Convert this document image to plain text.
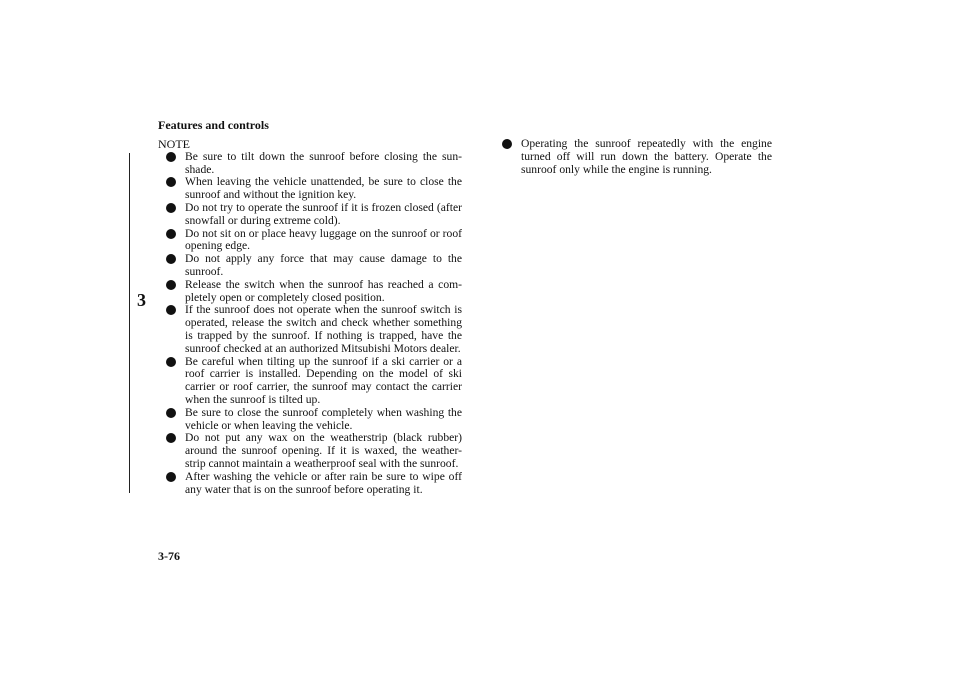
Features and controls
3
NOTE
Be sure to tilt down the sunroof before closing the sun-shade.
When leaving the vehicle unattended, be sure to close the sunroof and without the ignition key.
Do not try to operate the sunroof if it is frozen closed (after snowfall or during extreme cold).
Do not sit on or place heavy luggage on the sunroof or roof opening edge.
Do not apply any force that may cause damage to the sunroof.
Release the switch when the sunroof has reached a com-pletely open or completely closed position.
If the sunroof does not operate when the sunroof switch is operated, release the switch and check whether something is trapped by the sunroof. If nothing is trapped, have the sunroof checked at an authorized Mitsubishi Motors dealer.
Be careful when tilting up the sunroof if a ski carrier or a roof carrier is installed. Depending on the model of ski carrier or roof carrier, the sunroof may contact the carrier when the sunroof is tilted up.
Be sure to close the sunroof completely when washing the vehicle or when leaving the vehicle.
Do not put any wax on the weatherstrip (black rubber) around the sunroof opening. If it is waxed, the weather-strip cannot maintain a weatherproof seal with the sunroof.
After washing the vehicle or after rain be sure to wipe off any water that is on the sunroof before operating it.
Operating the sunroof repeatedly with the engine turned off will run down the battery. Operate the sunroof only while the engine is running.
3-76
